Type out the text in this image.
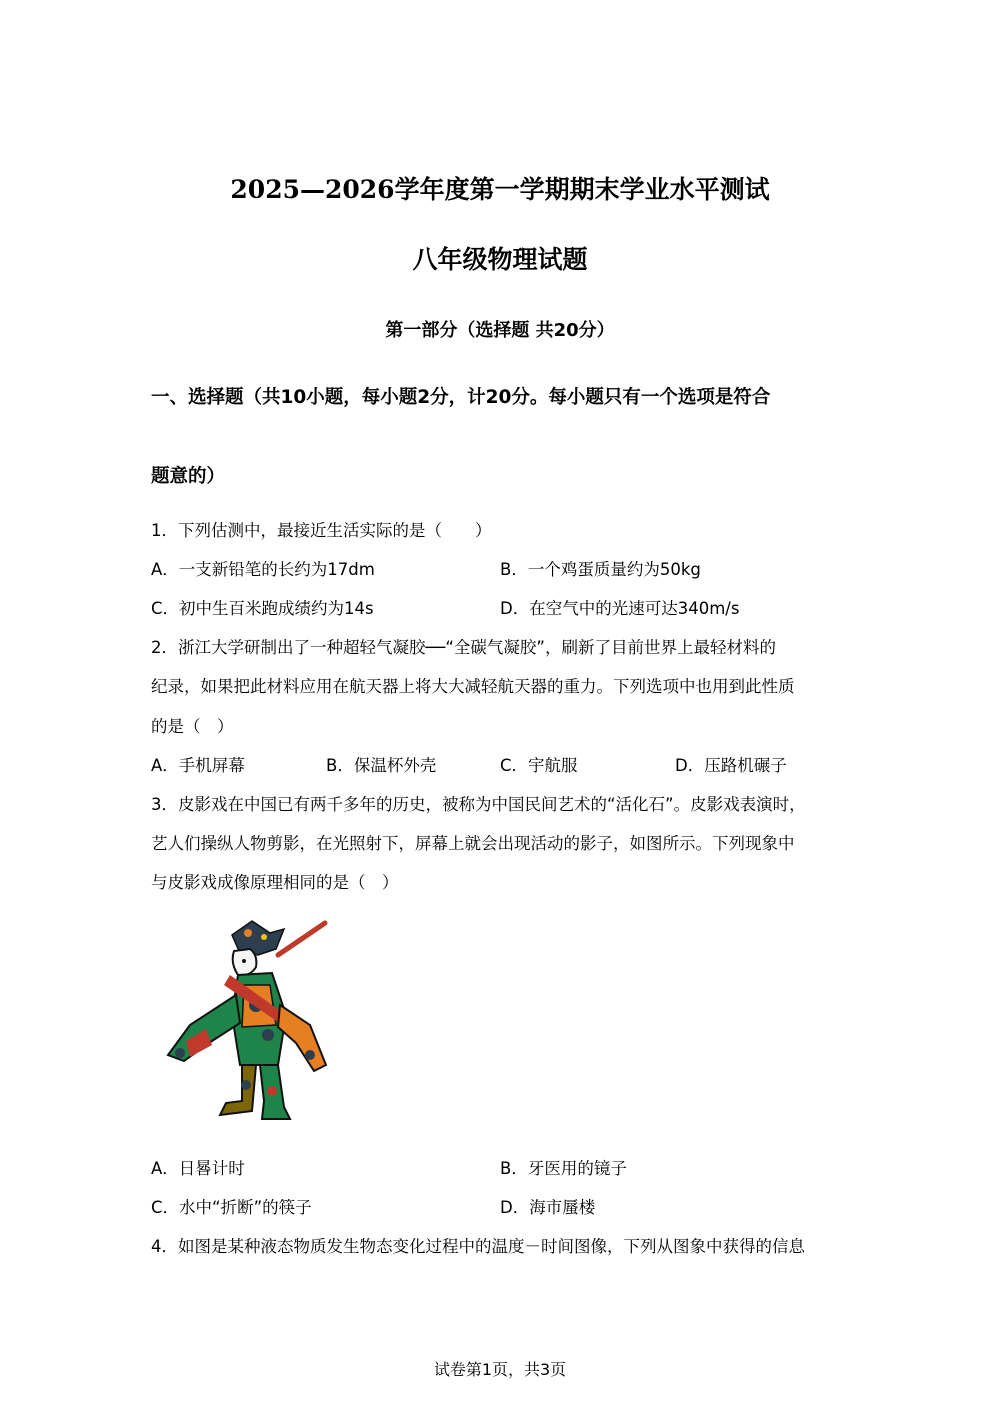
2025—2026学年度第一学期期末学业水平测试
八年级物理试题
第一部分（选择题 共20分）
一、选择题（共10小题，每小题2分，计20分。每小题只有一个选项是符合
题意的）
1．下列估测中，最接近生活实际的是（　　）
A．一支新铅笔的长约为17dm	B．一个鸡蛋质量约为50kg
C．初中生百米跑成绩约为14s	D．在空气中的光速可达340m/s
2．浙江大学研制出了一种超轻气凝胶──“全碳气凝胶”，刷新了目前世界上最轻材料的
纪录，如果把此材料应用在航天器上将大大减轻航天器的重力。下列选项中也用到此性质
的是（　）
A．手机屏幕	B．保温杯外壳	C．宇航服	D．压路机碾子
3．皮影戏在中国已有两千多年的历史，被称为中国民间艺术的“活化石”。皮影戏表演时，
艺人们操纵人物剪影，在光照射下，屏幕上就会出现活动的影子，如图所示。下列现象中
与皮影戏成像原理相同的是（　）
A．日晷计时	B．牙医用的镜子
C．水中“折断”的筷子	D．海市蜃楼
4．如图是某种液态物质发生物态变化过程中的温度－时间图像，下列从图象中获得的信息
试卷第1页，共3页
